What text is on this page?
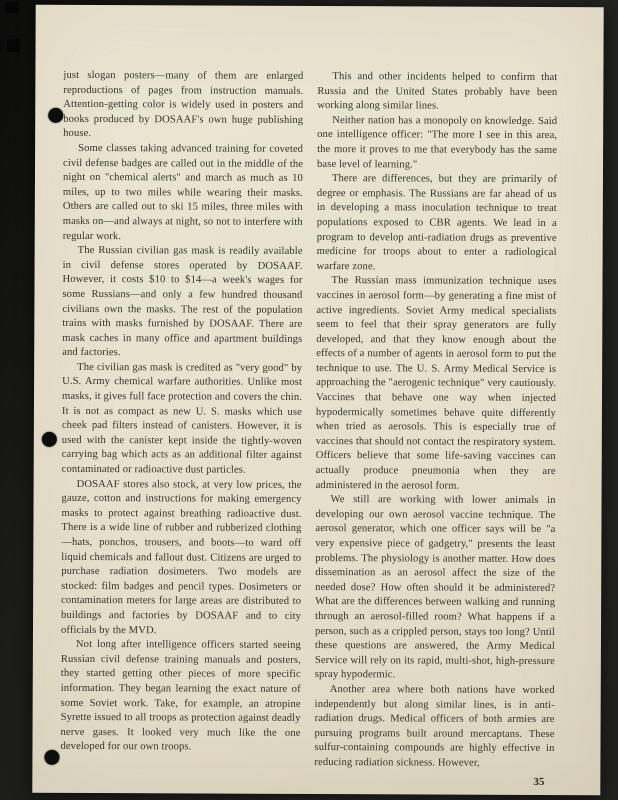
just slogan posters—many of them are enlarged reproductions of pages from instruction manuals. Attention-getting color is widely used in posters and books produced by DOSAAF's own huge publishing house.

Some classes taking advanced training for coveted civil defense badges are called out in the middle of the night on "chemical alerts" and march as much as 10 miles, up to two miles while wearing their masks. Others are called out to ski 15 miles, three miles with masks on—and always at night, so not to interfere with regular work.

The Russian civilian gas mask is readily available in civil defense stores operated by DOSAAF. However, it costs $10 to $14—a week's wages for some Russians—and only a few hundred thousand civilians own the masks. The rest of the population trains with masks furnished by DOSAAF. There are mask caches in many office and apartment buildings and factories.

The civilian gas mask is credited as "very good" by U.S. Army chemical warfare authorities. Unlike most masks, it gives full face protection and covers the chin. It is not as compact as new U. S. masks which use cheek pad filters instead of canisters. However, it is used with the canister kept inside the tightly-woven carrying bag which acts as an additional filter against contaminated or radioactive dust particles.

DOSAAF stores also stock, at very low prices, the gauze, cotton and instructions for making emergency masks to protect against breathing radioactive dust. There is a wide line of rubber and rubberized clothing—hats, ponchos, trousers, and boots—to ward off liquid chemicals and fallout dust. Citizens are urged to purchase radiation dosimeters. Two models are stocked: film badges and pencil types. Dosimeters or contamination meters for large areas are distributed to buildings and factories by DOSAAF and to city officials by the MVD.

Not long after intelligence officers started seeing Russian civil defense training manuals and posters, they started getting other pieces of more specific information. They began learning the exact nature of some Soviet work. Take, for example, an atropine Syrette issued to all troops as protection against deadly nerve gases. It looked very much like the one developed for our own troops.

This and other incidents helped to confirm that Russia and the United States probably have been working along similar lines.

Neither nation has a monopoly on knowledge. Said one intelligence officer: "The more I see in this area, the more it proves to me that everybody has the same base level of learning."

There are differences, but they are primarily of degree or emphasis. The Russians are far ahead of us in developing a mass inoculation technique to treat populations exposed to CBR agents. We lead in a program to develop anti-radiation drugs as preventive medicine for troops about to enter a radiological warfare zone.

The Russian mass immunization technique uses vaccines in aerosol form—by generating a fine mist of active ingredients. Soviet Army medical specialists seem to feel that their spray generators are fully developed, and that they know enough about the effects of a number of agents in aerosol form to put the technique to use. The U. S. Army Medical Service is approaching the "aerogenic technique" very cautiously. Vaccines that behave one way when injected hypodermically sometimes behave quite differently when tried as aerosols. This is especially true of vaccines that should not contact the respiratory system. Officers believe that some life-saving vaccines can actually produce pneumonia when they are administered in the aerosol form.

We still are working with lower animals in developing our own aerosol vaccine technique. The aerosol generator, which one officer says will be "a very expensive piece of gadgetry," presents the least problems. The physiology is another matter. How does dissemination as an aerosol affect the size of the needed dose? How often should it be administered? What are the differences between walking and running through an aerosol-filled room? What happens if a person, such as a crippled person, stays too long? Until these questions are answered, the Army Medical Service will rely on its rapid, multi-shot, high-pressure spray hypodermic.

Another area where both nations have worked independently but along similar lines, is in anti-radiation drugs. Medical officers of both armies are pursuing programs built around mercaptans. These sulfur-containing compounds are highly effective in reducing radiation sickness. However,

35
